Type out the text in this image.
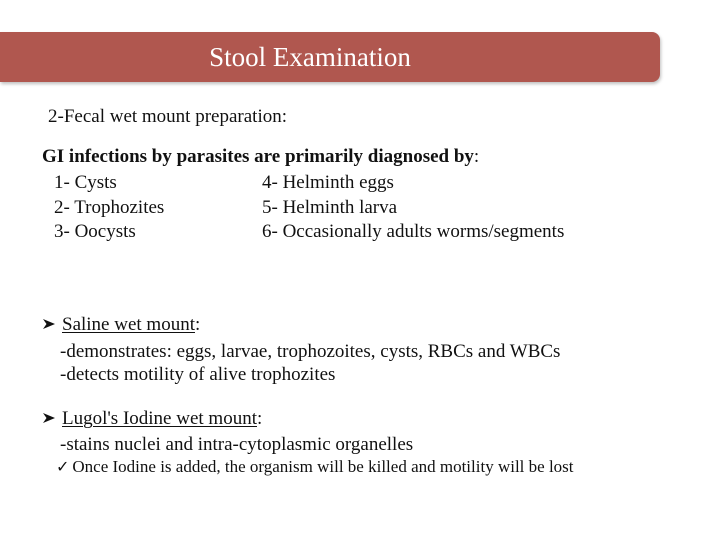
Stool Examination
2-Fecal wet mount preparation:
GI infections by parasites are primarily diagnosed by:
1- Cysts
2- Trophozites
3- Oocysts
4- Helminth eggs
5- Helminth larva
6- Occasionally adults worms/segments
Saline wet mount :
-demonstrates: eggs, larvae, trophozoites, cysts, RBCs and WBCs
-detects motility of alive trophozites
Lugol's Iodine wet mount :
-stains nuclei and intra-cytoplasmic organelles
✓ Once Iodine is added, the organism will be killed and motility will be lost
